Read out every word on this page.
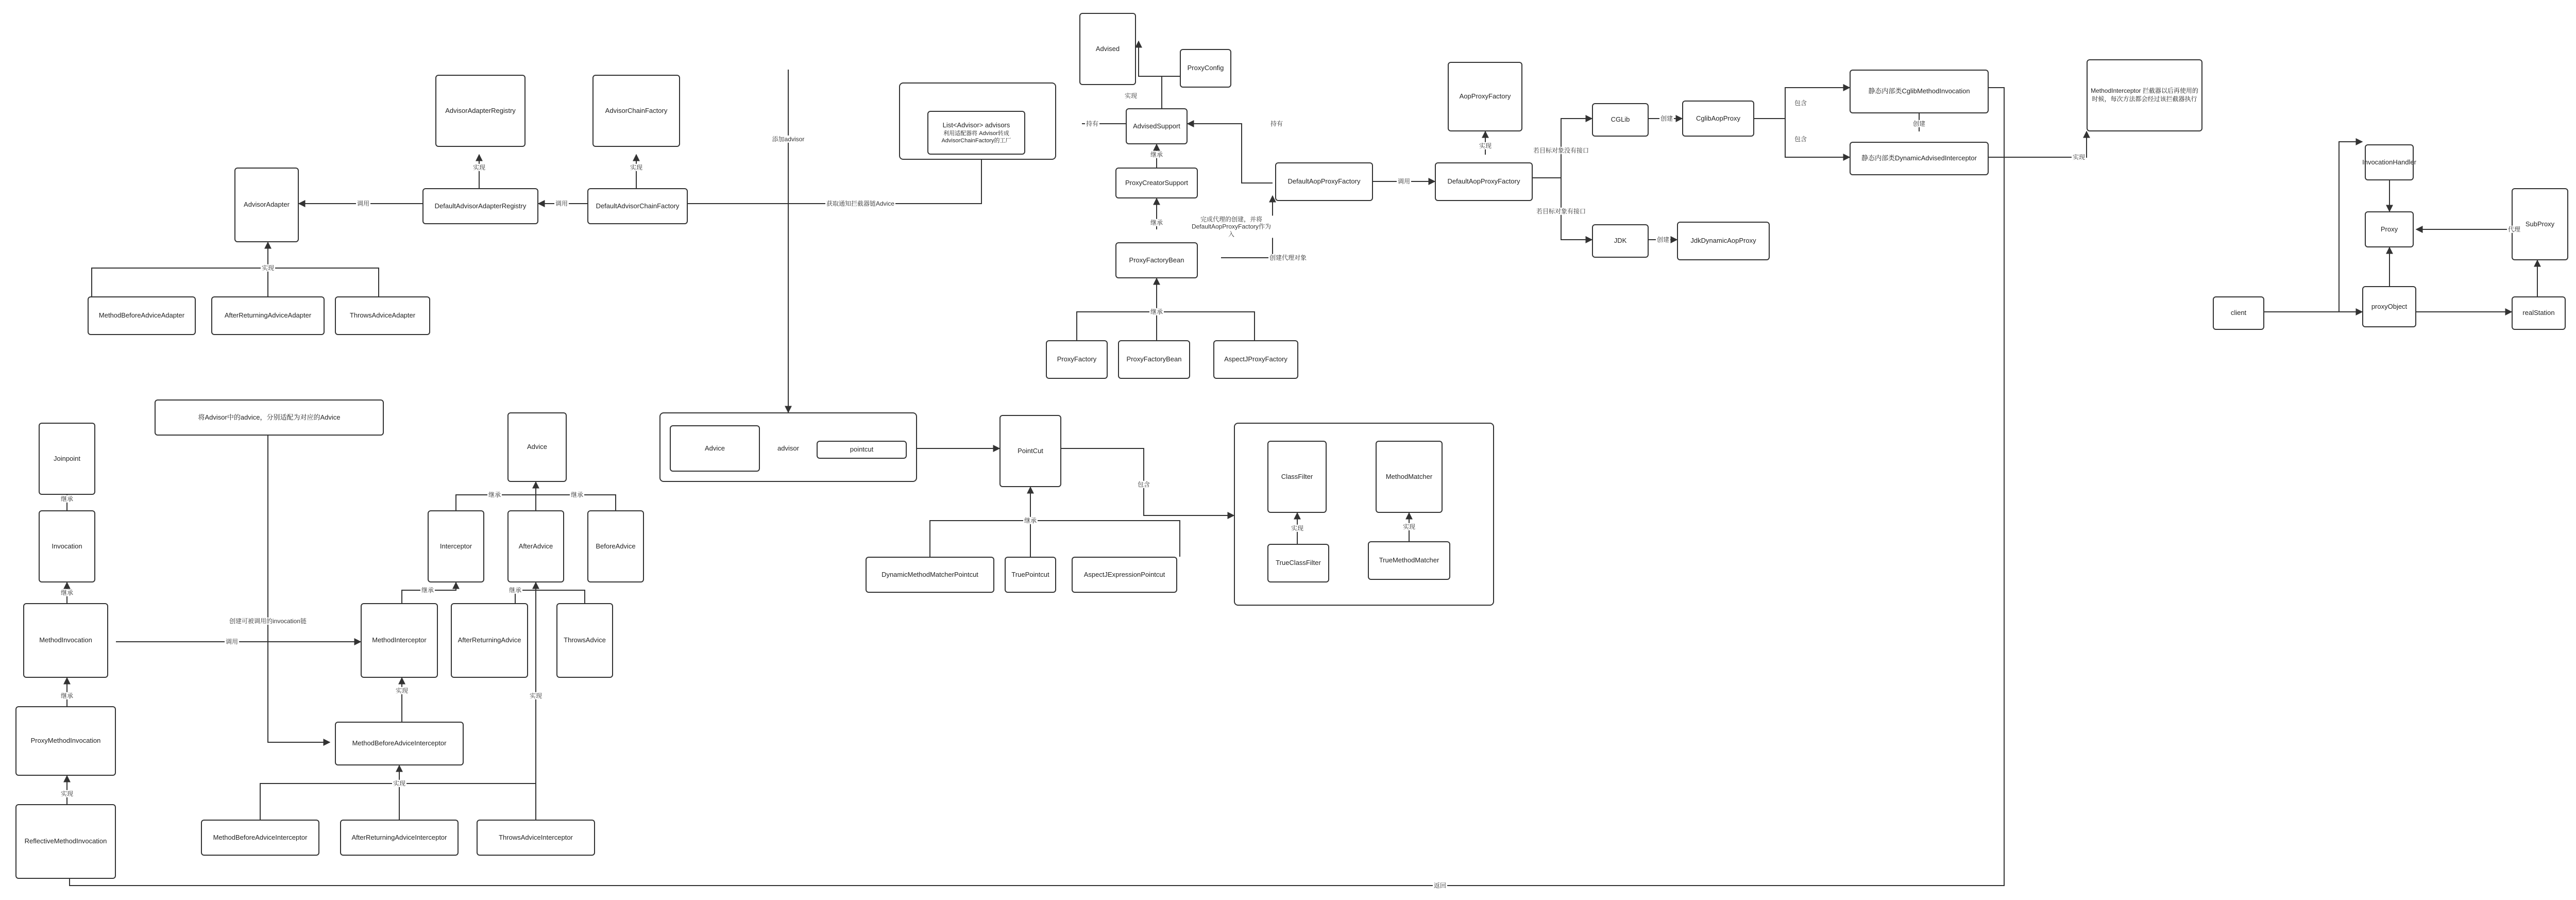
Advised
ProxyConfig
AdvisedSupport
List<Advisor> advisors
利用适配器将 Advisor转成 AdvisorChainFactory的工厂
ProxyCreatorSupport
ProxyFactoryBean
ProxyFactory	ProxyFactoryBean	AspectJProxyFactory
DefaultAopProxyFactory
AopProxyFactory
DefaultAopProxyFactory
CGLib	CglibAopProxy
JDK	JdkDynamicAopProxy
静态内部类CglibMethodInvocation
静态内部类DynamicAdvisedInterceptor
MethodInterceptor 拦截器以后再使用的时候，每次方法都会经过该拦截器执行
AdvisorAdapterRegistry	AdvisorChainFactory
AdvisorAdapter	DefaultAdvisorAdapterRegistry	DefaultAdvisorChainFactory
MethodBeforeAdviceAdapter	AfterReturningAdviceAdapter	ThrowsAdviceAdapter
将Advisor中的advice，分别适配为对应的Advice
Joinpoint
Invocation
MethodInvocation
ProxyMethodInvocation
ReflectiveMethodInvocation
Advice
Interceptor	AfterAdvice	BeforeAdvice
MethodInterceptor	AfterReturningAdvice	ThrowsAdvice
MethodBeforeAdviceInterceptor
MethodBeforeAdviceInterceptor	AfterReturningAdviceInterceptor	ThrowsAdviceInterceptor
Advice	advisor	pointcut	PointCut
DynamicMethodMatcherPointcut	TruePointcut	AspectJExpressionPointcut
ClassFilter	MethodMatcher
TrueClassFilter	TrueMethodMatcher
client
InvocationHandler
Proxy
proxyObject
SubProxy
realStation
实现
继承
继承
持有	持有
完成代理的创建，并将 DefaultAopProxyFactory作为入
创建代理对象
继承
调用
实现
若目标对象没有接口
若目标对象有接口
创建
创建
包含
包含
创建
实现
添加advisor
获取通知拦截器链Advice
调用
实现	实现
调用
实现
继承
继承
继承
实现
创建可被调用的invocation链
调用
继承	继承
继承	继承
实现
实现
实现
继承
包含
实现	实现
返回
代理
